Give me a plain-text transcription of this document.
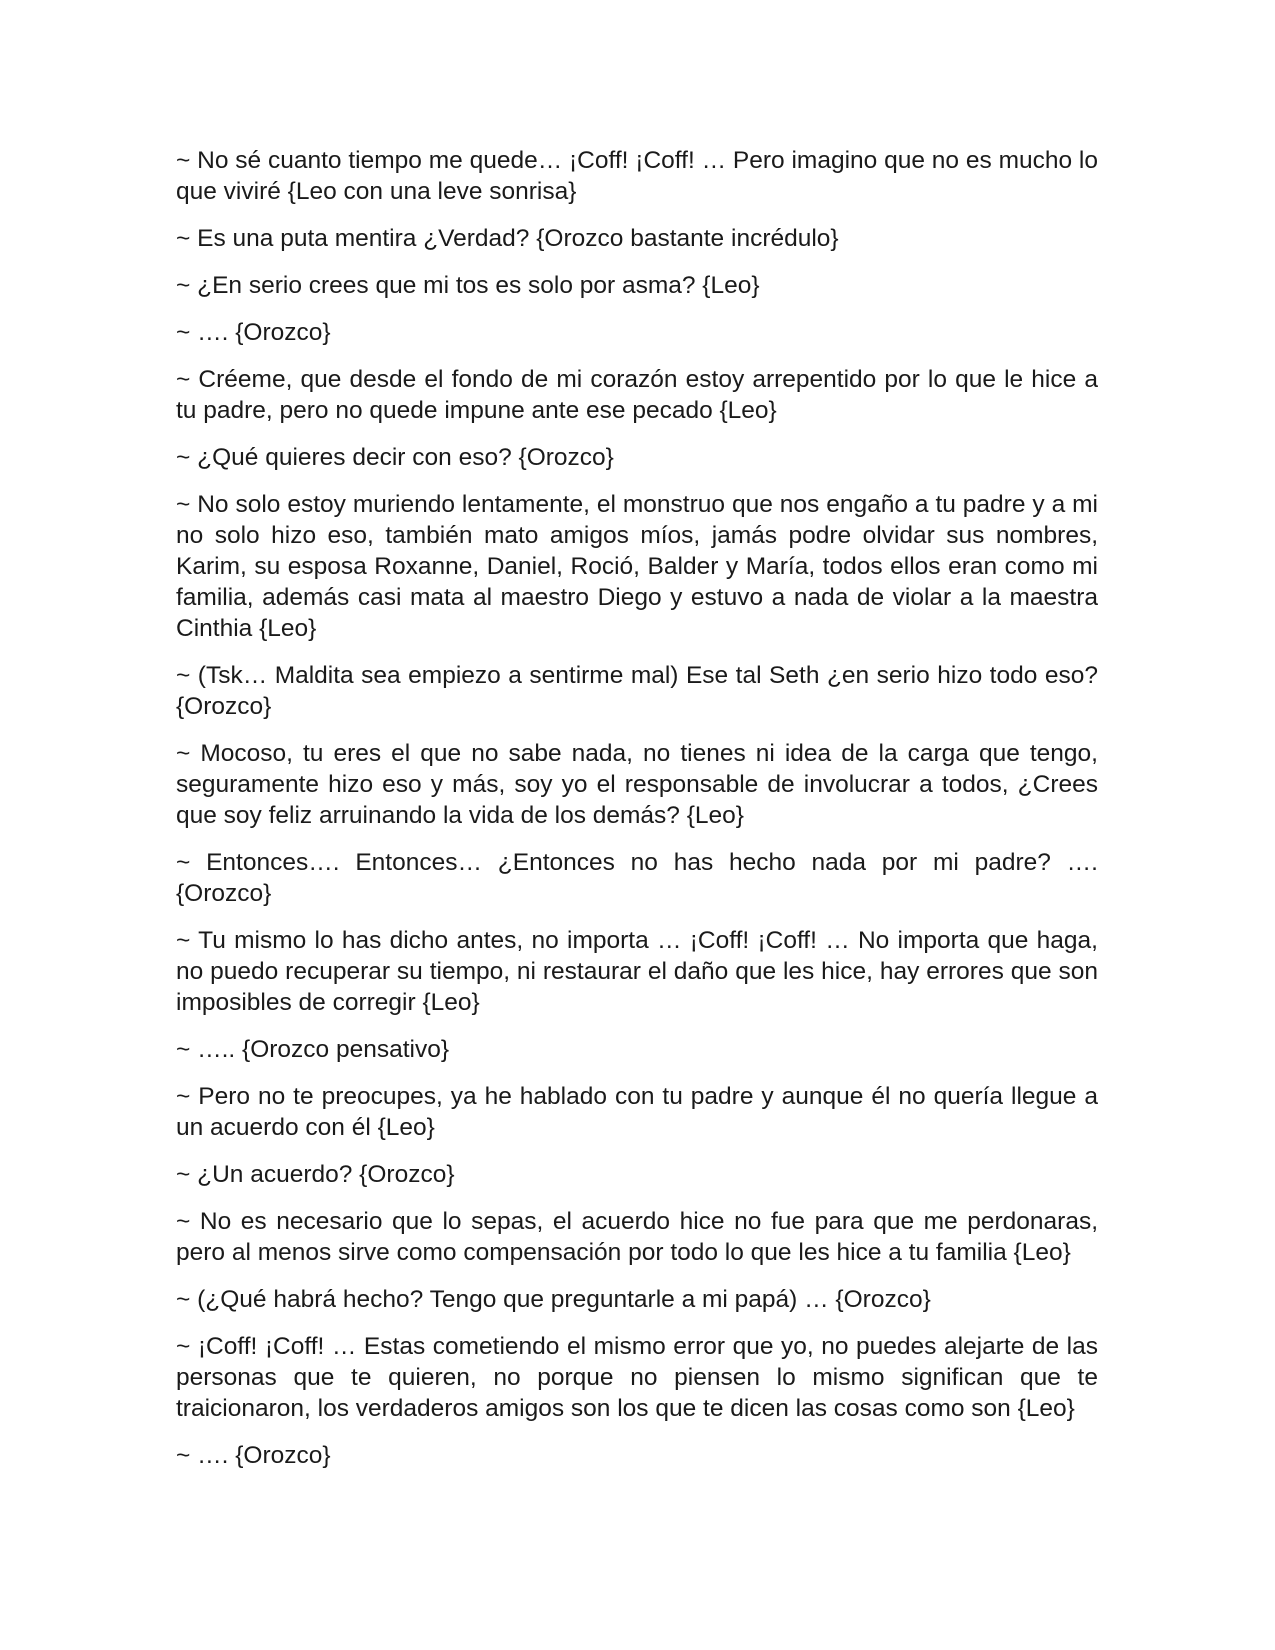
~ No sé cuanto tiempo me quede… ¡Coff! ¡Coff! … Pero imagino que no es mucho lo que viviré {Leo con una leve sonrisa}

~ Es una puta mentira ¿Verdad? {Orozco bastante incrédulo}

~ ¿En serio crees que mi tos es solo por asma? {Leo}

~ …. {Orozco}

~ Créeme, que desde el fondo de mi corazón estoy arrepentido por lo que le hice a tu padre, pero no quede impune ante ese pecado {Leo}

~ ¿Qué quieres decir con eso? {Orozco}

~ No solo estoy muriendo lentamente, el monstruo que nos engaño a tu padre y a mi no solo hizo eso, también mato amigos míos, jamás podre olvidar sus nombres, Karim, su esposa Roxanne, Daniel, Roció, Balder y María, todos ellos eran como mi familia, además casi mata al maestro Diego y estuvo a nada de violar a la maestra Cinthia {Leo}

~ (Tsk… Maldita sea empiezo a sentirme mal) Ese tal Seth ¿en serio hizo todo eso? {Orozco}

~ Mocoso, tu eres el que no sabe nada, no tienes ni idea de la carga que tengo, seguramente hizo eso y más, soy yo el responsable de involucrar a todos, ¿Crees que soy feliz arruinando la vida de los demás? {Leo}

~ Entonces…. Entonces… ¿Entonces no has hecho nada por mi padre? …. {Orozco}

~ Tu mismo lo has dicho antes, no importa … ¡Coff! ¡Coff! … No importa que haga, no puedo recuperar su tiempo, ni restaurar el daño que les hice, hay errores que son imposibles de corregir {Leo}

~ ….. {Orozco pensativo}

~ Pero no te preocupes, ya he hablado con tu padre y aunque él no quería llegue a un acuerdo con él {Leo}

~ ¿Un acuerdo? {Orozco}

~ No es necesario que lo sepas, el acuerdo hice no fue para que me perdonaras, pero al menos sirve como compensación por todo lo que les hice a tu familia {Leo}

~ (¿Qué habrá hecho? Tengo que preguntarle a mi papá) … {Orozco}

~ ¡Coff! ¡Coff! … Estas cometiendo el mismo error que yo, no puedes alejarte de las personas que te quieren, no porque no piensen lo mismo significan que te traicionaron, los verdaderos amigos son los que te dicen las cosas como son {Leo}

~ …. {Orozco}
